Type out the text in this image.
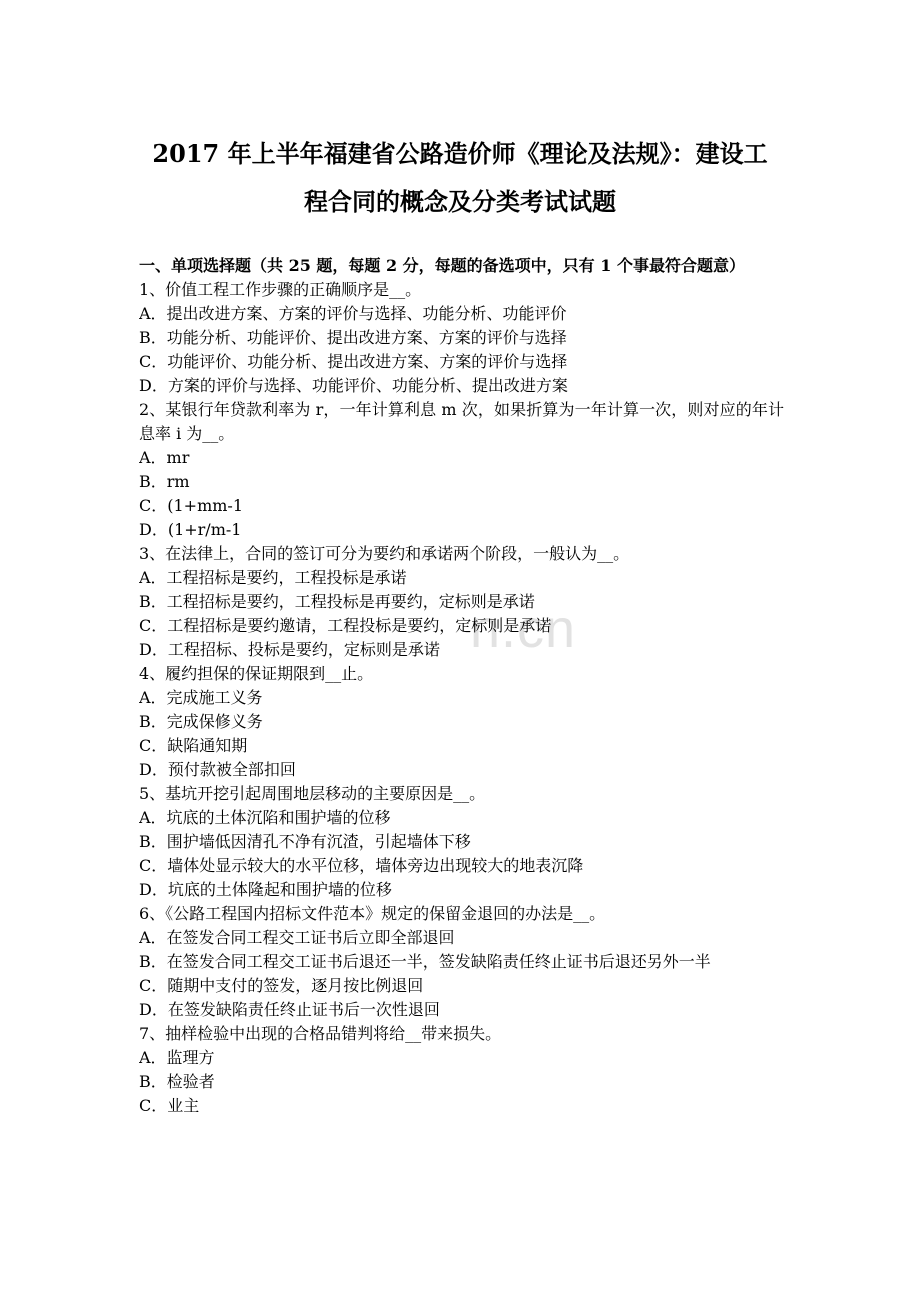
n.cn
2017 年上半年福建省公路造价师《理论及法规》：建设工
程合同的概念及分类考试试题
一、单项选择题（共 25 题，每题 2 分，每题的备选项中，只有 1 个事最符合题意）
1、价值工程工作步骤的正确顺序是__。
A．提出改进方案、方案的评价与选择、功能分析、功能评价
B．功能分析、功能评价、提出改进方案、方案的评价与选择
C．功能评价、功能分析、提出改进方案、方案的评价与选择
D．方案的评价与选择、功能评价、功能分析、提出改进方案
2、某银行年贷款利率为 r，一年计算利息 m 次，如果折算为一年计算一次，则对应的年计息率 i 为__。
A．mr
B．rm
C．(1+mm-1
D．(1+r/m-1
3、在法律上，合同的签订可分为要约和承诺两个阶段，一般认为__。
A．工程招标是要约，工程投标是承诺
B．工程招标是要约，工程投标是再要约，定标则是承诺
C．工程招标是要约邀请，工程投标是要约，定标则是承诺
D．工程招标、投标是要约，定标则是承诺
4、履约担保的保证期限到__止。
A．完成施工义务
B．完成保修义务
C．缺陷通知期
D．预付款被全部扣回
5、基坑开挖引起周围地层移动的主要原因是__。
A．坑底的土体沉陷和围护墙的位移
B．围护墙低因清孔不净有沉渣，引起墙体下移
C．墙体处显示较大的水平位移，墙体旁边出现较大的地表沉降
D．坑底的土体隆起和围护墙的位移
6、《公路工程国内招标文件范本》规定的保留金退回的办法是__。
A．在签发合同工程交工证书后立即全部退回
B．在签发合同工程交工证书后退还一半，签发缺陷责任终止证书后退还另外一半
C．随期中支付的签发，逐月按比例退回
D．在签发缺陷责任终止证书后一次性退回
7、抽样检验中出现的合格品错判将给__带来损失。
A．监理方
B．检验者
C．业主
